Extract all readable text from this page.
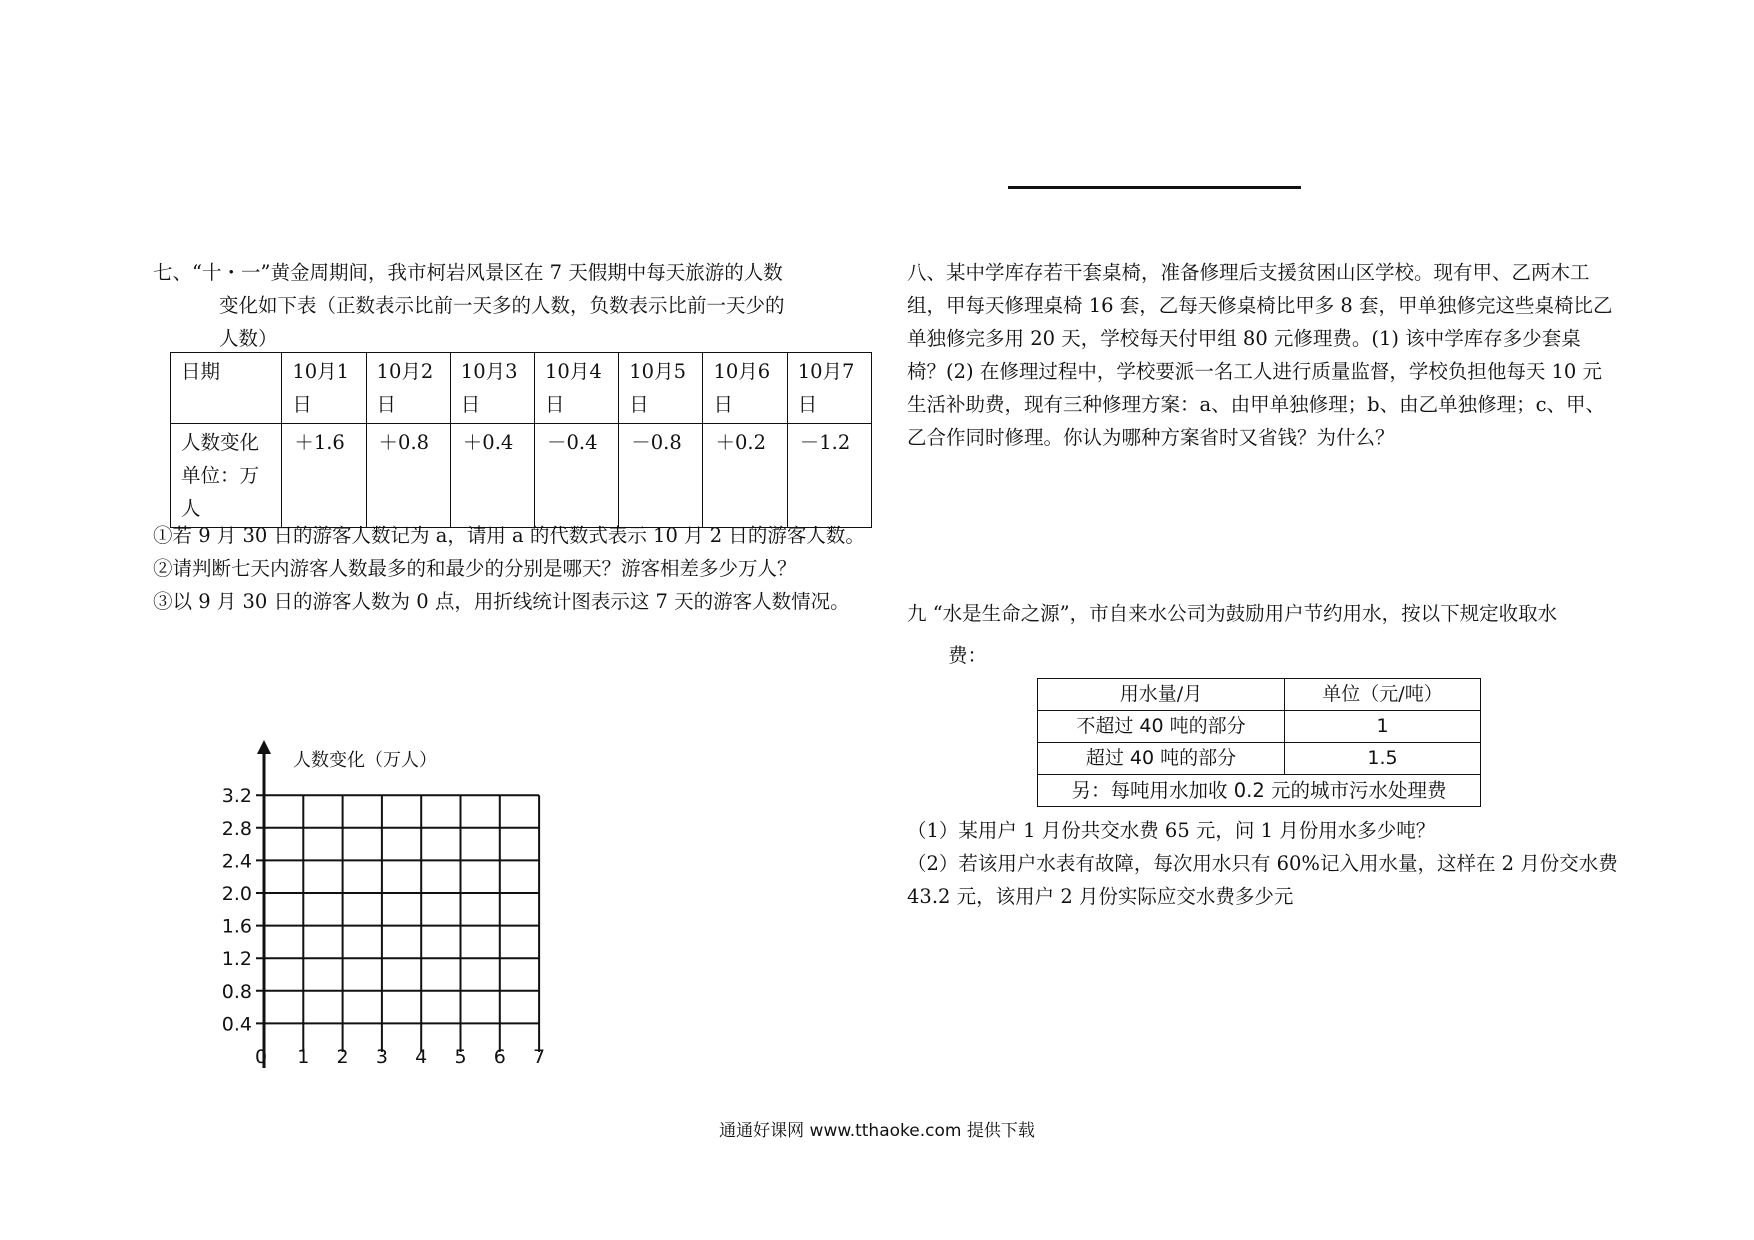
七、“十・一”黄金周期间，我市柯岩风景区在 7 天假期中每天旅游的人数
变化如下表（正数表示比前一天多的人数，负数表示比前一天少的
人数）
日期	10月1日	10月2日	10月3日	10月4日	10月5日	10月6日	10月7日
人数变化单位：万人	＋1.6	＋0.8	＋0.4	－0.4	－0.8	＋0.2	－1.2
①若 9 月 30 日的游客人数记为 a，请用 a 的代数式表示 10 月 2 日的游客人数。
②请判断七天内游客人数最多的和最少的分别是哪天？游客相差多少万人？
③以 9 月 30 日的游客人数为 0 点，用折线统计图表示这 7 天的游客人数情况。
人数变化（万人）
0.4
0.8
1.2
1.6
2.0
2.4
2.8
3.2
0 1 2 3 4 5 6 7
八、某中学库存若干套桌椅，准备修理后支援贫困山区学校。现有甲、乙两木工组，甲每天修理桌椅 16 套，乙每天修桌椅比甲多 8 套，甲单独修完这些桌椅比乙单独修完多用 20 天，学校每天付甲组 80 元修理费。(1) 该中学库存多少套桌椅？(2) 在修理过程中，学校要派一名工人进行质量监督，学校负担他每天 10 元生活补助费，现有三种修理方案：a、由甲单独修理；b、由乙单独修理；c、甲、乙合作同时修理。你认为哪种方案省时又省钱？为什么？
九 “水是生命之源”，市自来水公司为鼓励用户节约用水，按以下规定收取水
费：
用水量/月	单位（元/吨）
不超过 40 吨的部分	1
超过 40 吨的部分	1.5
另：每吨用水加收 0.2 元的城市污水处理费	
（1）某用户 1 月份共交水费 65 元，问 1 月份用水多少吨？
（2）若该用户水表有故障，每次用水只有 60%记入用水量，这样在 2 月份交水费 43.2 元，该用户 2 月份实际应交水费多少元
通通好课网 www.tthaoke.com 提供下载
